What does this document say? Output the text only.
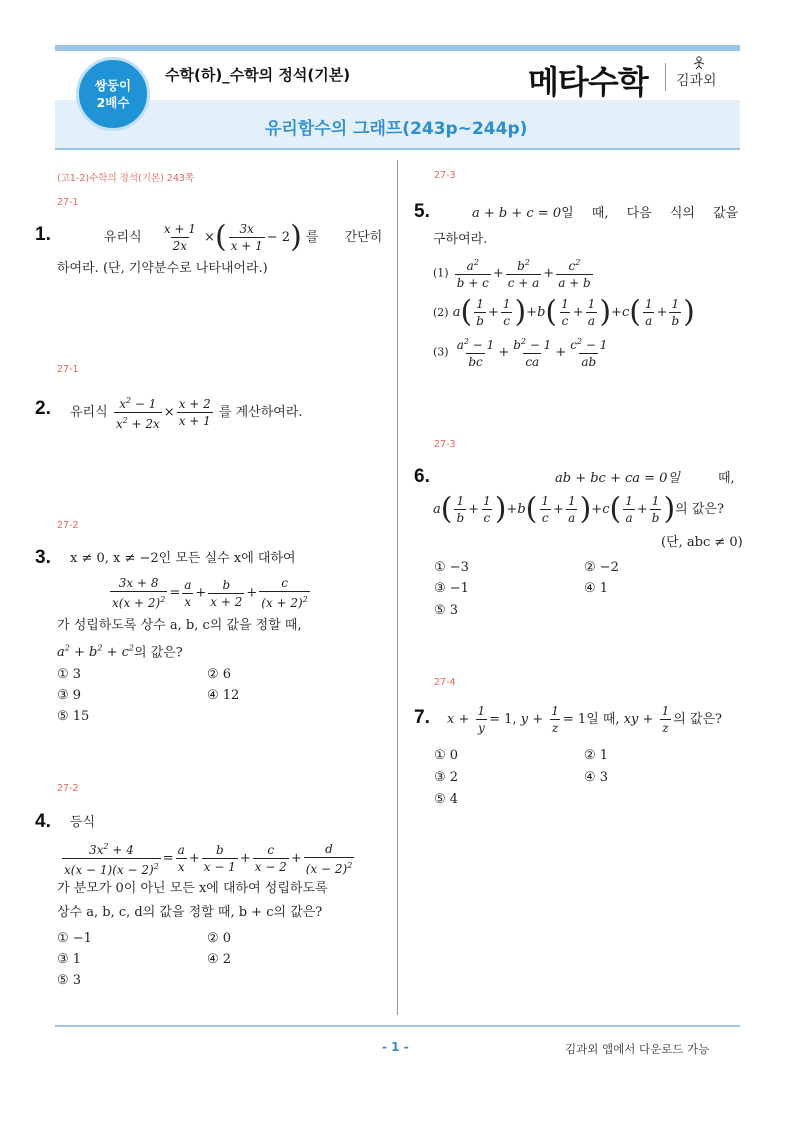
쌍둥이
2배수
수학(하)_수학의 정석(기본)
유리함수의 그래프(243p~244p)
메타수학 김과외
(고1-2)수학의 정석(기본) 243쪽
27-1
1.	유리식 $\frac{x + 1}{2x}$ ×( $\frac{3x}{x + 1} - 2$) 를 간단히
하여라. (단, 기약분수로 나타내어라.)
27-1
2. 유리식 $\frac{x^2 - 1}{x^2 + 2x} \times \frac{x + 2}{x + 1}$ 를 계산하여라.
27-2
3. x ≠ 0, x ≠ −2인 모든 실수 x에 대하여
$\frac{3x + 8}{x(x + 2)^2} = \frac{a}{x} + \frac{b}{x + 2} + \frac{c}{(x + 2)^2}$
가 성립하도록 상수 a, b, c의 값을 정할 때,
$a^2 + b^2 + c^2$의 값은?
① 3	② 6
③ 9	④ 12
⑤ 15
27-2
4. 등식
$\frac{3x^2 + 4}{x(x - 1)(x - 2)^2} = \frac{a}{x} + \frac{b}{x - 1} + \frac{c}{x - 2} + \frac{d}{(x - 2)^2}$
가 분모가 0이 아닌 모든 x에 대하여 성립하도록
상수 a, b, c, d의 값을 정할 때, b + c의 값은?
① −1	② 0
③ 1	④ 2
⑤ 3
27-3
5.	a + b + c = 0일 때, 다음 식의 값을
구하여라.
$(1) \frac{a^2}{b + c} + \frac{b^2}{c + a} + \frac{c^2}{a + b}$
(2) $a( \frac{1}{b} + \frac{1}{c} )+b( \frac{1}{c} + \frac{1}{a} )+c( \frac{1}{a} + \frac{1}{b}$ )
$(3) \frac{a^2 - 1}{bc} + \frac{b^2 - 1}{ca} + \frac{c^2 - 1}{ab}$
27-3
6.	ab + bc + ca = 0일	때,
$a( \frac{1}{b} + \frac{1}{c} )+b( \frac{1}{c} + \frac{1}{a} )+c( \frac{1}{a} + \frac{1}{b}$ )의 값은?
(단, abc ≠ 0)
① −3	② −2
③ −1	④ 1
⑤ 3
27-4
7. $x + \frac{1}{y} = 1$, $y + \frac{1}{z} = 1$일 때, xy + $\frac{1}{z}$ 의 값은?
① 0	② 1
③ 2	④ 3
⑤ 4
- 1 -	김과외 앱에서 다운로드 가능
